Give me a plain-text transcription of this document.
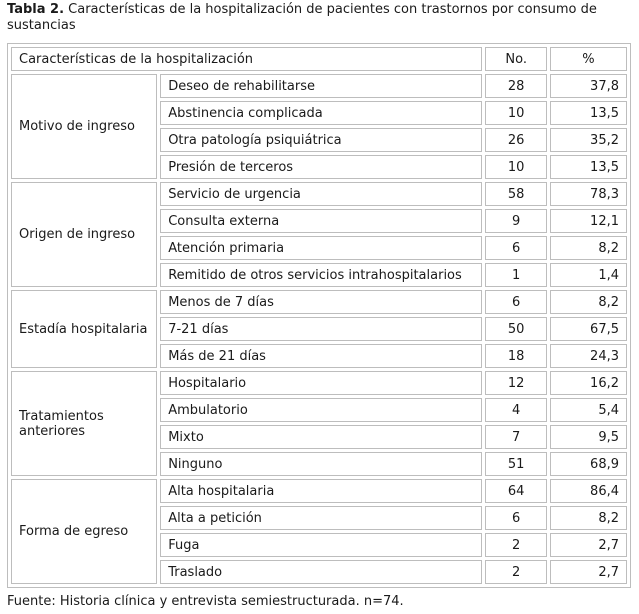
Tabla 2. Características de la hospitalización de pacientes con trastornos por consumo de sustancias
Características de la hospitalización		No.	%
Motivo de ingreso	Deseo de rehabilitarse	28	37,8
	Abstinencia complicada	10	13,5
	Otra patología psiquiátrica	26	35,2
	Presión de terceros	10	13,5
Origen de ingreso	Servicio de urgencia	58	78,3
	Consulta externa	9	12,1
	Atención primaria	6	8,2
	Remitido de otros servicios intrahospitalarios	1	1,4
Estadía hospitalaria	Menos de 7 días	6	8,2
	7-21 días	50	67,5
	Más de 21 días	18	24,3
Tratamientos anteriores	Hospitalario	12	16,2
	Ambulatorio	4	5,4
	Mixto	7	9,5
	Ninguno	51	68,9
Forma de egreso	Alta hospitalaria	64	86,4
	Alta a petición	6	8,2
	Fuga	2	2,7
	Traslado	2	2,7
Fuente: Historia clínica y entrevista semiestructurada. n=74.
